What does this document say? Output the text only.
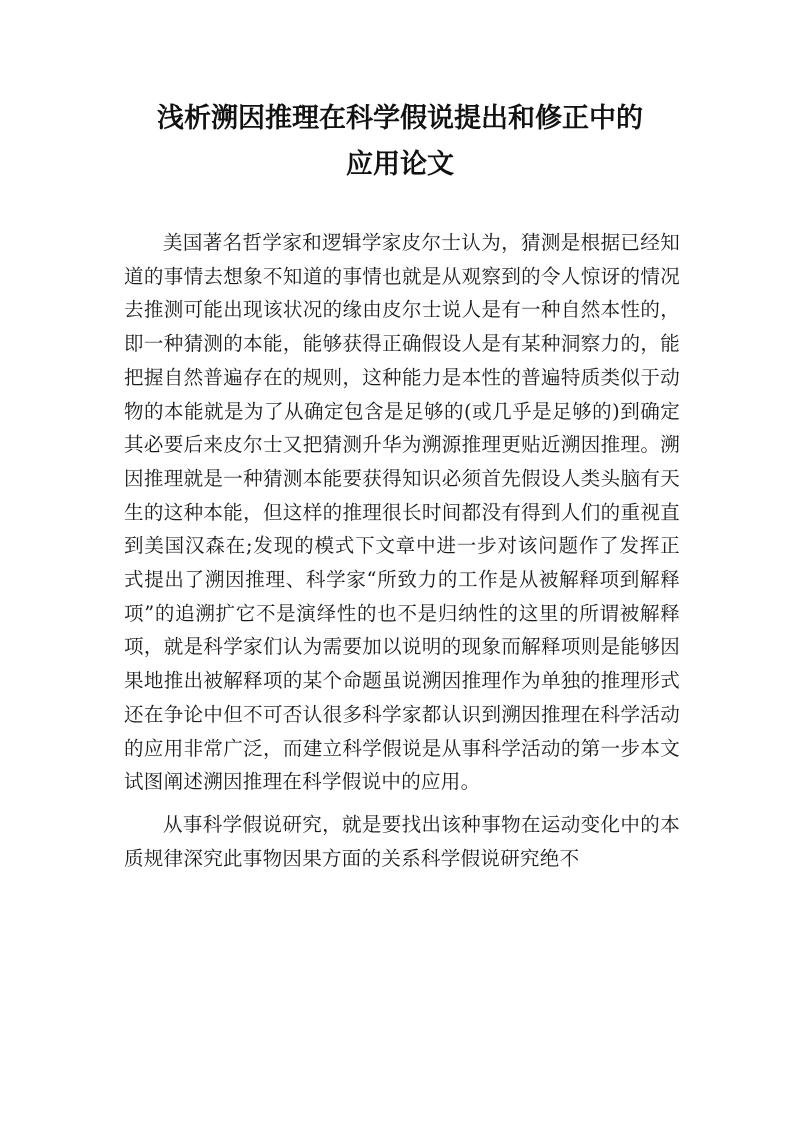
浅析溯因推理在科学假说提出和修正中的
应用论文

美国著名哲学家和逻辑学家皮尔士认为，猜测是根据已经知道的事情去想象不知道的事情也就是从观察到的令人惊讶的情况去推测可能出现该状况的缘由皮尔士说人是有一种自然本性的，即一种猜测的本能，能够获得正确假设人是有某种洞察力的，能把握自然普遍存在的规则，这种能力是本性的普遍特质类似于动物的本能就是为了从确定包含是足够的(或几乎是足够的)到确定其必要后来皮尔士又把猜测升华为溯源推理更贴近溯因推理。溯因推理就是一种猜测本能要获得知识必须首先假设人类头脑有天生的这种本能，但这样的推理很长时间都没有得到人们的重视直到美国汉森在;发现的模式下文章中进一步对该问题作了发挥正式提出了溯因推理、科学家“所致力的工作是从被解释项到解释项”的追溯扩它不是演绎性的也不是归纳性的这里的所谓被解释项，就是科学家们认为需要加以说明的现象而解释项则是能够因果地推出被解释项的某个命题虽说溯因推理作为单独的推理形式还在争论中但不可否认很多科学家都认识到溯因推理在科学活动的应用非常广泛，而建立科学假说是从事科学活动的第一步本文试图阐述溯因推理在科学假说中的应用。

从事科学假说研究，就是要找出该种事物在运动变化中的本质规律深究此事物因果方面的关系科学假说研究绝不
